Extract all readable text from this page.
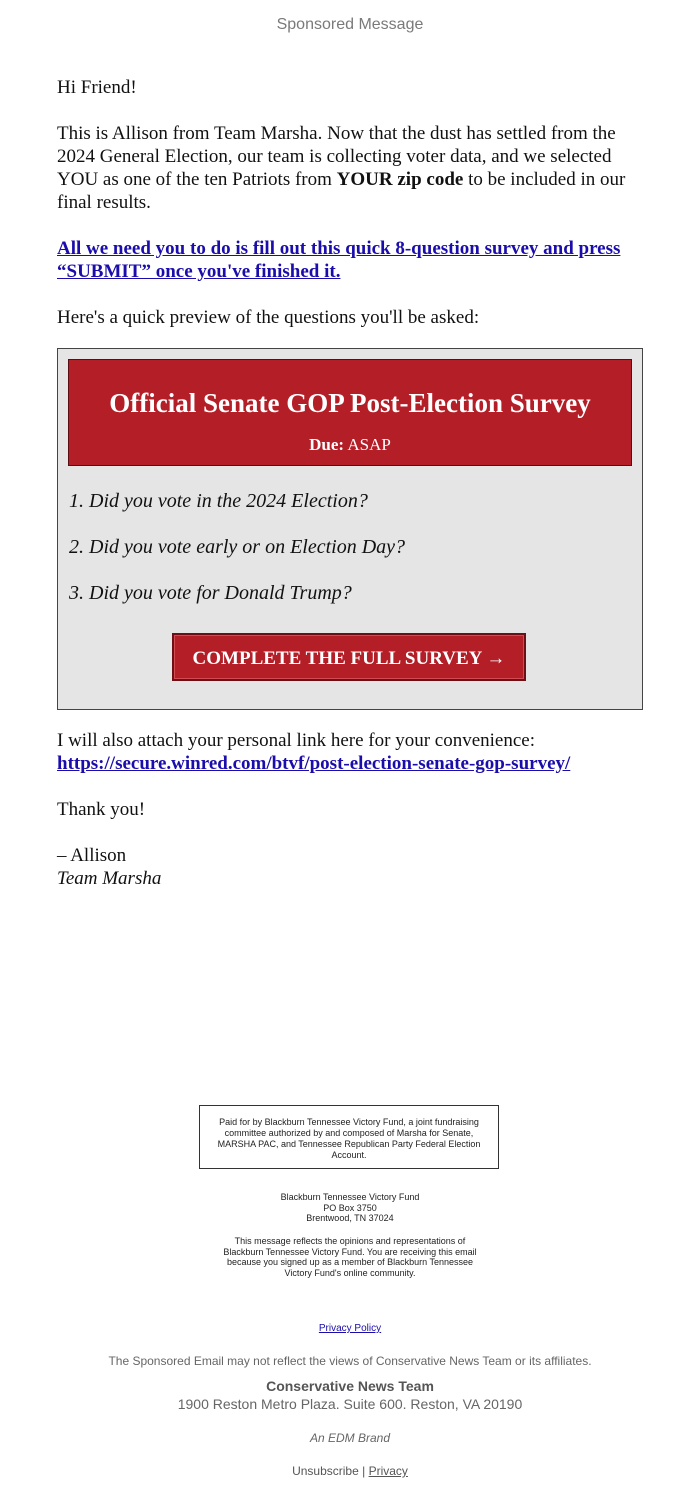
Sponsored Message

Hi Friend!

This is Allison from Team Marsha. Now that the dust has settled from the 2024 General Election, our team is collecting voter data, and we selected YOU as one of the ten Patriots from YOUR zip code to be included in our final results.

All we need you to do is fill out this quick 8-question survey and press “SUBMIT” once you've finished it.

Here's a quick preview of the questions you'll be asked:

Official Senate GOP Post-Election Survey
Due: ASAP
1. Did you vote in the 2024 Election?
2. Did you vote early or on Election Day?
3. Did you vote for Donald Trump?
COMPLETE THE FULL SURVEY →

I will also attach your personal link here for your convenience:
https://secure.winred.com/btvf/post-election-senate-gop-survey/

Thank you!

– Allison
Team Marsha

Paid for by Blackburn Tennessee Victory Fund, a joint fundraising committee authorized by and composed of Marsha for Senate, MARSHA PAC, and Tennessee Republican Party Federal Election Account.
Blackburn Tennessee Victory Fund
PO Box 3750
Brentwood, TN 37024
This message reflects the opinions and representations of Blackburn Tennessee Victory Fund. You are receiving this email because you signed up as a member of Blackburn Tennessee Victory Fund's online community.
Privacy Policy
The Sponsored Email may not reflect the views of Conservative News Team or its affiliates.
Conservative News Team
1900 Reston Metro Plaza. Suite 600. Reston, VA 20190
An EDM Brand
Unsubscribe | Privacy
